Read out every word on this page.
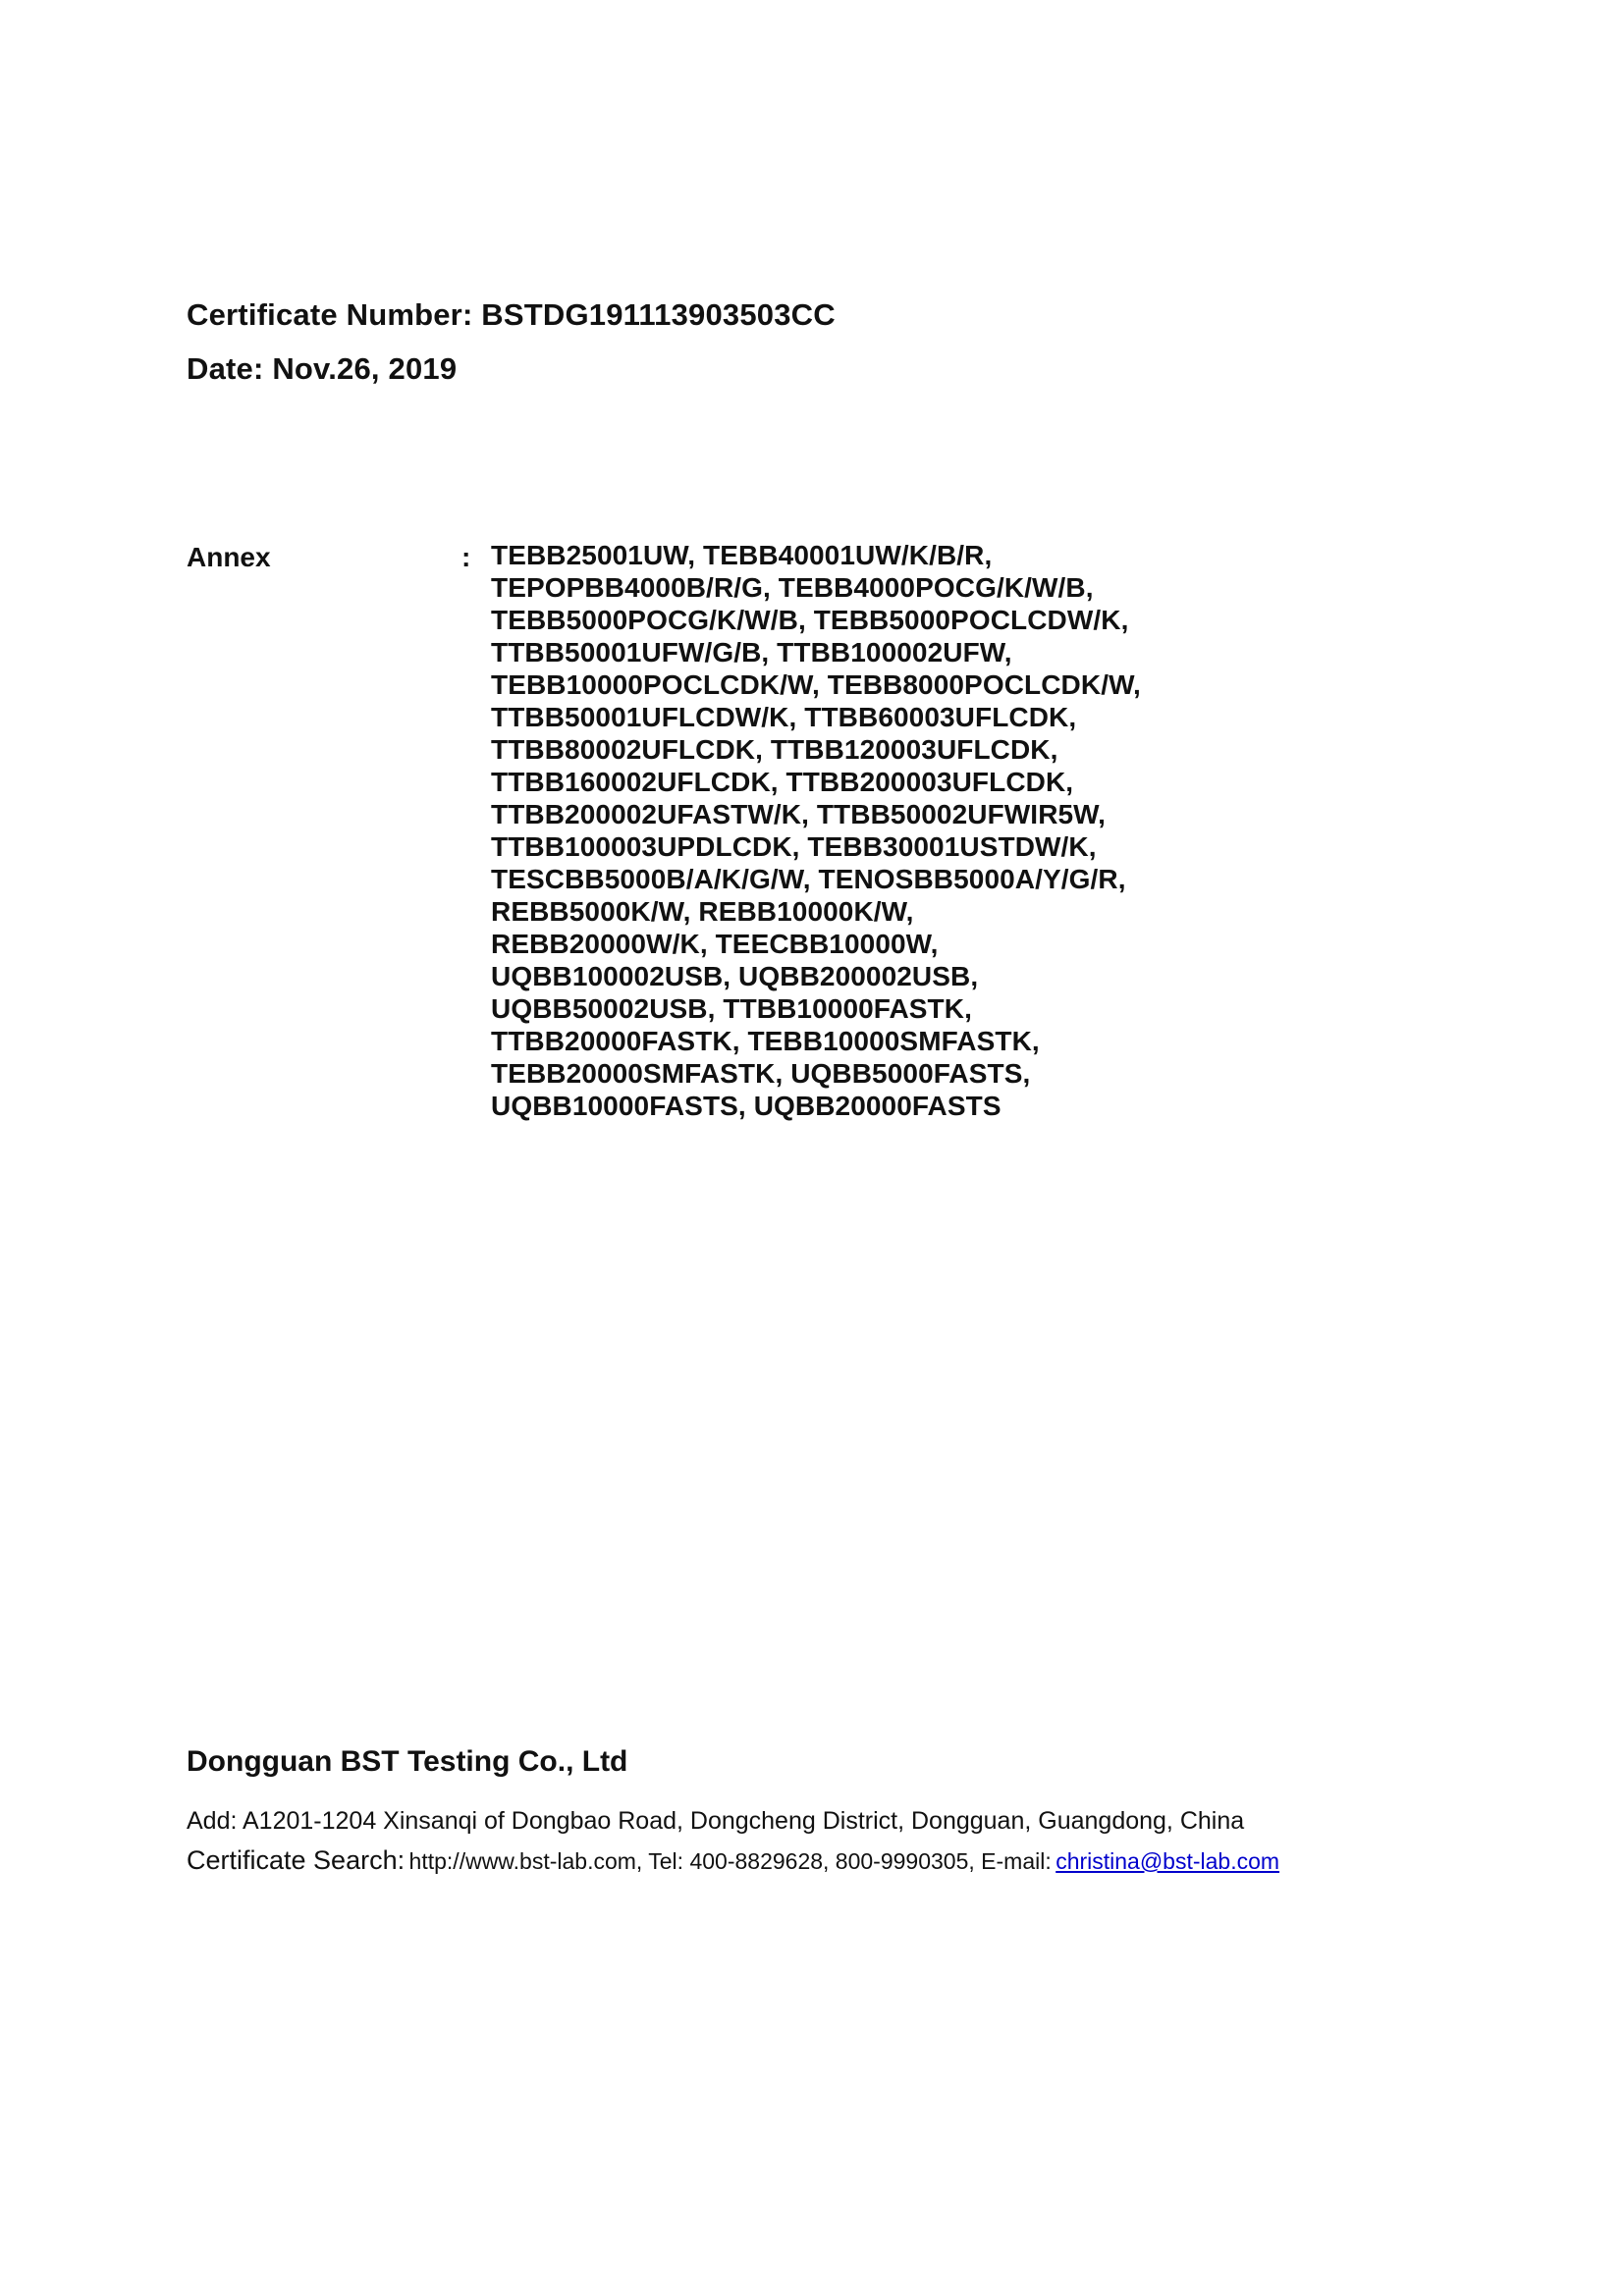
Certificate Number: BSTDG191113903503CC
Date: Nov.26, 2019
Annex	: TEBB25001UW, TEBB40001UW/K/B/R,
TEPOPBB4000B/R/G, TEBB4000POCG/K/W/B,
TEBB5000POCG/K/W/B, TEBB5000POCLCDW/K,
TTBB50001UFW/G/B, TTBB100002UFW,
TEBB10000POCLCDK/W, TEBB8000POCLCDK/W,
TTBB50001UFLCDW/K, TTBB60003UFLCDK,
TTBB80002UFLCDK, TTBB120003UFLCDK,
TTBB160002UFLCDK, TTBB200003UFLCDK,
TTBB200002UFASTW/K, TTBB50002UFWIR5W,
TTBB100003UPDLCDK, TEBB30001USTDW/K,
TESCBB5000B/A/K/G/W, TENOSBB5000A/Y/G/R,
REBB5000K/W, REBB10000K/W,
REBB20000W/K, TEECBB10000W,
UQBB100002USB, UQBB200002USB,
UQBB50002USB, TTBB10000FASTK,
TTBB20000FASTK, TEBB10000SMFASTK,
TEBB20000SMFASTK, UQBB5000FASTS,
UQBB10000FASTS, UQBB20000FASTS
Dongguan BST Testing Co., Ltd
Add: A1201-1204 Xinsanqi of Dongbao Road, Dongcheng District, Dongguan, Guangdong, China
Certificate Search: http://www.bst-lab.com, Tel: 400-8829628, 800-9990305, E-mail: christina@bst-lab.com
